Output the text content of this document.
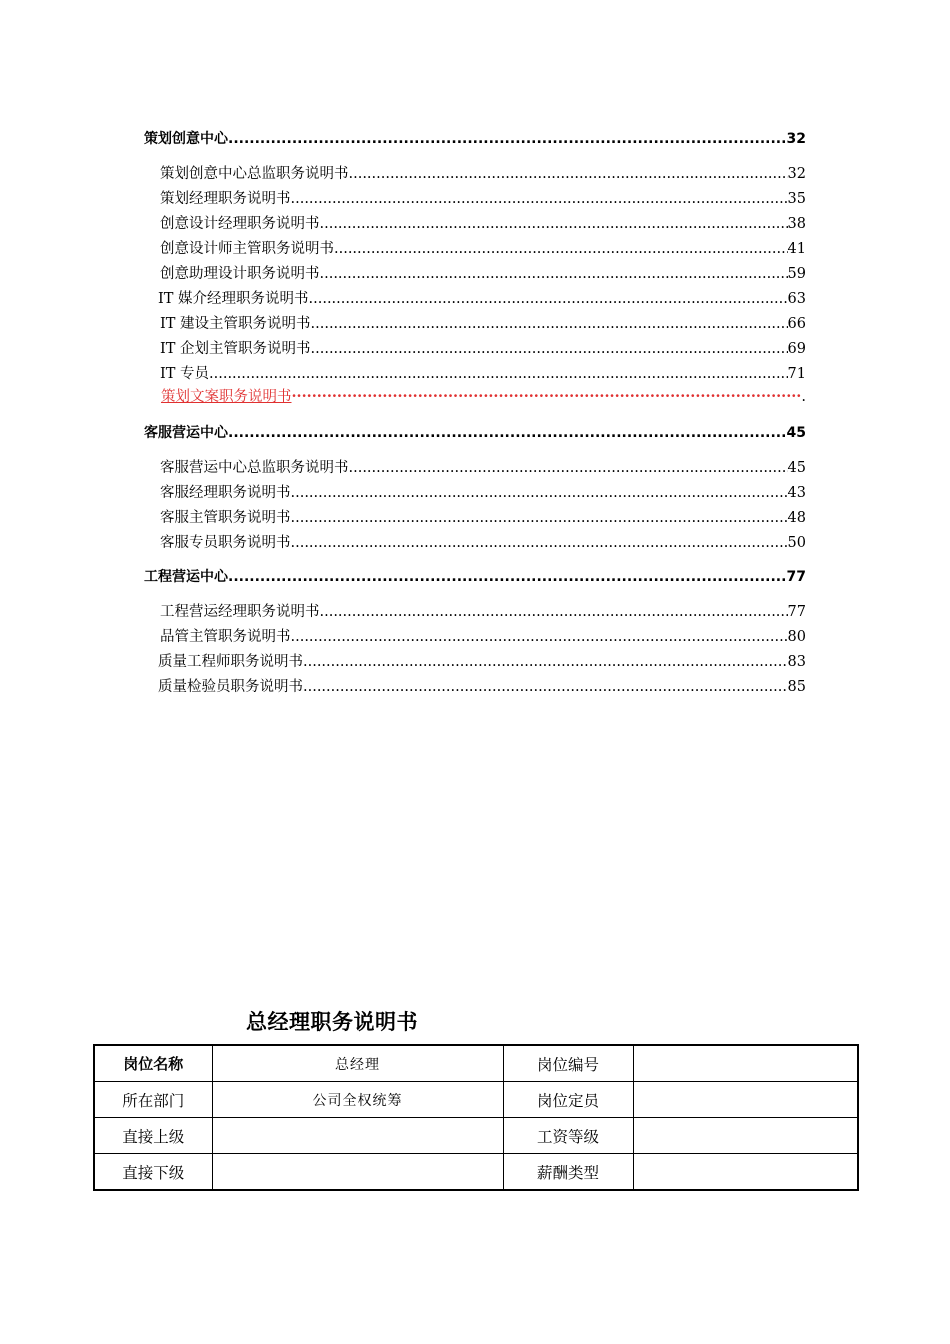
策划创意中心 .....	32
策划创意中心总监职务说明书 .....	32
策划经理职务说明书 .....	35
创意设计经理职务说明书 .....	38
创意设计师主管职务说明书 .....	41
创意助理设计职务说明书 .....	59
IT 媒介经理职务说明书 .....	63
IT 建设主管职务说明书 .....	66
IT 企划主管职务说明书 .....	69
IT 专员 .....	71
策划文案职务说明书 ·····	.
客服营运中心 .....	45
客服营运中心总监职务说明书 .....	45
客服经理职务说明书 .....	43
客服主管职务说明书 .....	48
客服专员职务说明书 .....	50
工程营运中心 .....	77
工程营运经理职务说明书 .....	77
品管主管职务说明书 .....	80
质量工程师职务说明书 .....	83
质量检验员职务说明书 .....	85
总经理职务说明书
岗位名称	总经理	岗位编号	
所在部门	公司全权统筹	岗位定员	
直接上级		工资等级	
直接下级		薪酬类型	
